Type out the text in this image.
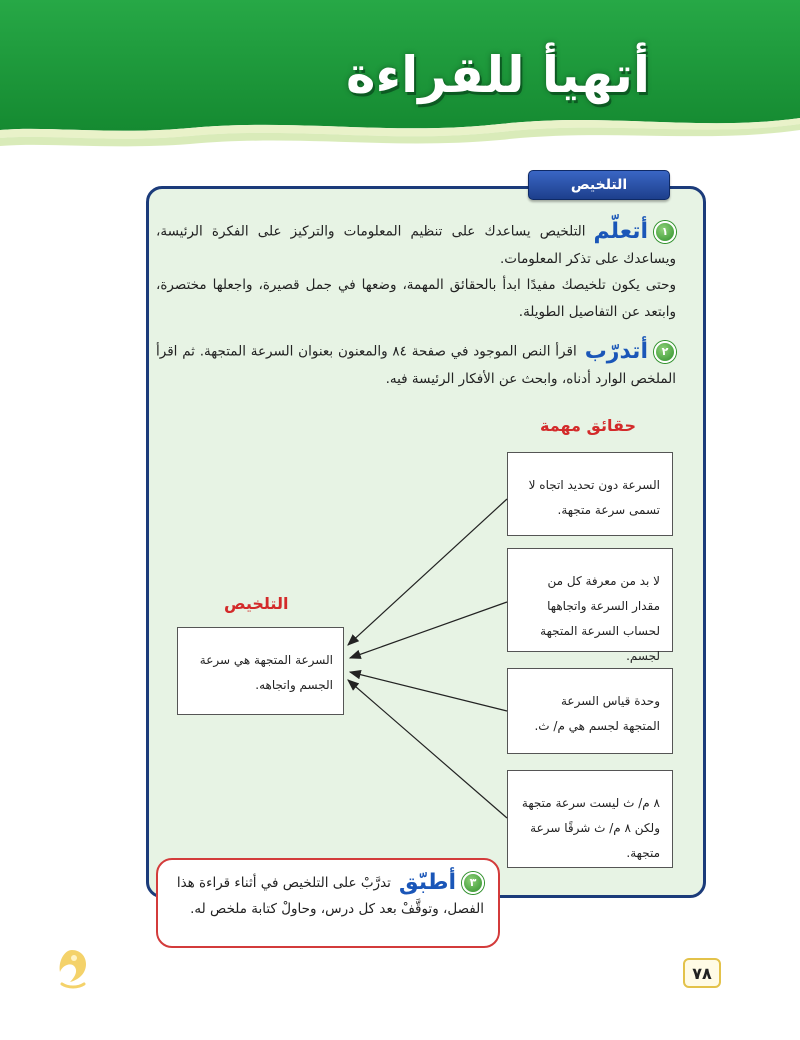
أتهيأ للقراءة
التلخيص
١
أتعلّم
التلخيص يساعدك على تنظيم المعلومات والتركيز على الفكرة الرئيسة، ويساعدك على تذكر المعلومات.
وحتى يكون تلخيصك مفيدًا ابدأ بالحقائق المهمة، وضعها في جمل قصيرة، واجعلها مختصرة، وابتعد عن التفاصيل الطويلة.
٢
أتدرّب
اقرأ النص الموجود في صفحة ٨٤ والمعنون بعنوان السرعة المتجهة. ثم اقرأ الملخص الوارد أدناه، وابحث عن الأفكار الرئيسة فيه.
حقائق مهمة
التلخيص
السرعة دون تحديد اتجاه لا تسمى سرعة متجهة.
لا بد من معرفة كل من مقدار السرعة واتجاهها لحساب السرعة المتجهة لجسم.
وحدة قياس السرعة المتجهة لجسم هي م/ ث.
٨ م/ ث ليست سرعة متجهة ولكن ٨ م/ ث شرقًا سرعة متجهة.
السرعة المتجهة هي سرعة الجسم واتجاهه.
٣
أطبّق
تدرَّبْ على التلخيص في أثناء قراءة هذا الفصل، وتوقَّفْ بعد كل درس، وحاولْ كتابة ملخص له.
٧٨
